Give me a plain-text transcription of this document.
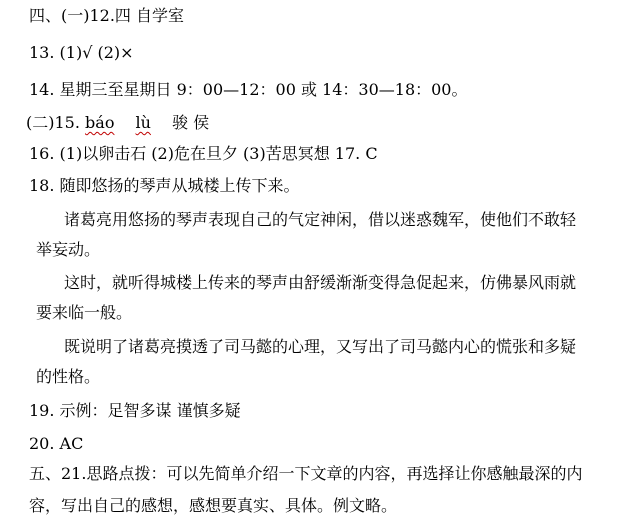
四、(一)12.四 自学室
13. (1)√ (2)×
14. 星期三至星期日 9：00—12：00 或 14：30—18：00。
(二)15. báo lù 骏 侯
16. (1)以卵击石 (2)危在旦夕 (3)苦思冥想 17. C
18. 随即悠扬的琴声从城楼上传下来。
诸葛亮用悠扬的琴声表现自己的气定神闲，借以迷惑魏军，使他们不敢轻
举妄动。
这时，就听得城楼上传来的琴声由舒缓渐渐变得急促起来，仿佛暴风雨就
要来临一般。
既说明了诸葛亮摸透了司马懿的心理，又写出了司马懿内心的慌张和多疑
的性格。
19. 示例：足智多谋 谨慎多疑
20. AC
五、21.思路点拨：可以先简单介绍一下文章的内容，再选择让你感触最深的内
容，写出自己的感想，感想要真实、具体。例文略。
